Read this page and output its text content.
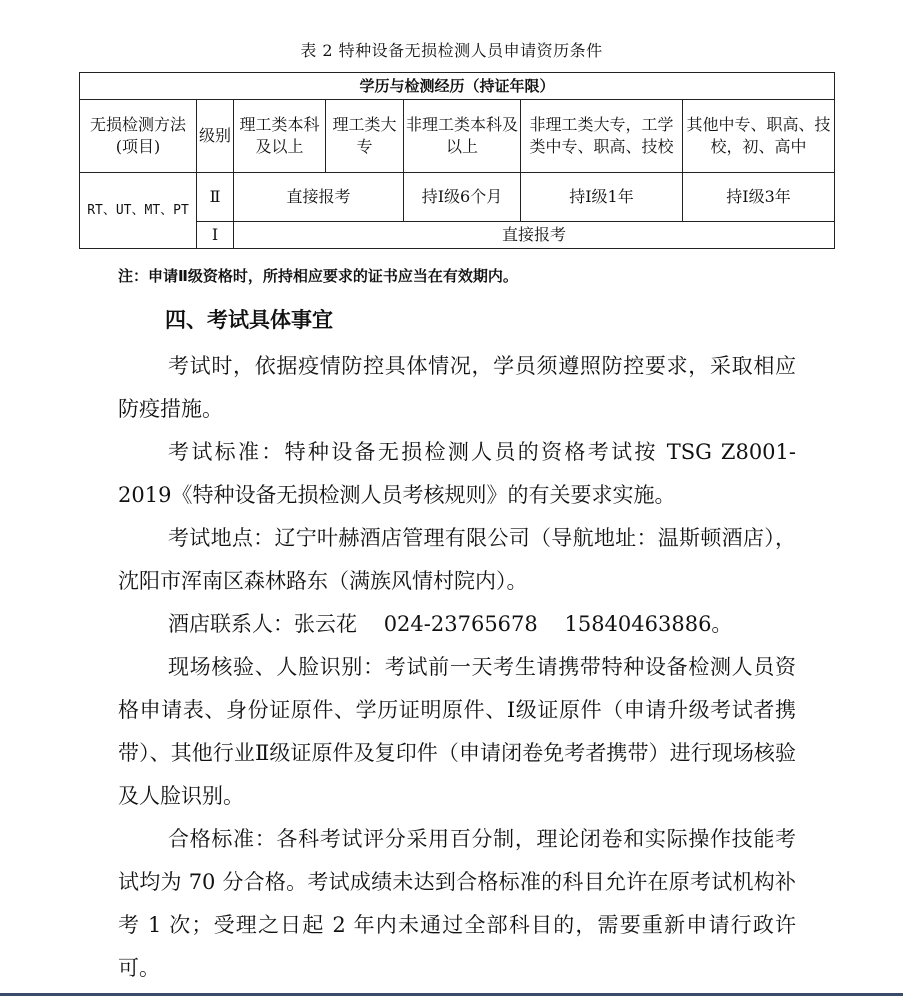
表 2 特种设备无损检测人员申请资历条件
学历与检测经历（持证年限）						
无损检测方法(项目)	级别	理工类本科及以上	理工类大专	非理工类本科及以上	非理工类大专，工学类中专、职高、技校	其他中专、职高、技校，初、高中
RT、UT、MT、PT	Ⅱ	直接报考		持Ⅰ级6个月	持Ⅰ级1年	持Ⅰ级3年
	Ⅰ	直接报考				
注：申请Ⅱ级资格时，所持相应要求的证书应当在有效期内。
四、考试具体事宜

考试时，依据疫情防控具体情况，学员须遵照防控要求，采取相应防疫措施。

考试标准：特种设备无损检测人员的资格考试按 TSG Z8001-2019《特种设备无损检测人员考核规则》的有关要求实施。

考试地点：辽宁叶赫酒店管理有限公司（导航地址：温斯顿酒店），沈阳市浑南区森林路东（满族风情村院内）。

酒店联系人：张云花    024-23765678    15840463886。

现场核验、人脸识别：考试前一天考生请携带特种设备检测人员资格申请表、身份证原件、学历证明原件、Ⅰ级证原件（申请升级考试者携带）、其他行业Ⅱ级证原件及复印件（申请闭卷免考者携带）进行现场核验及人脸识别。

合格标准：各科考试评分采用百分制，理论闭卷和实际操作技能考试均为 70 分合格。考试成绩未达到合格标准的科目允许在原考试机构补考 1 次；受理之日起 2 年内未通过全部科目的，需要重新申请行政许可。
